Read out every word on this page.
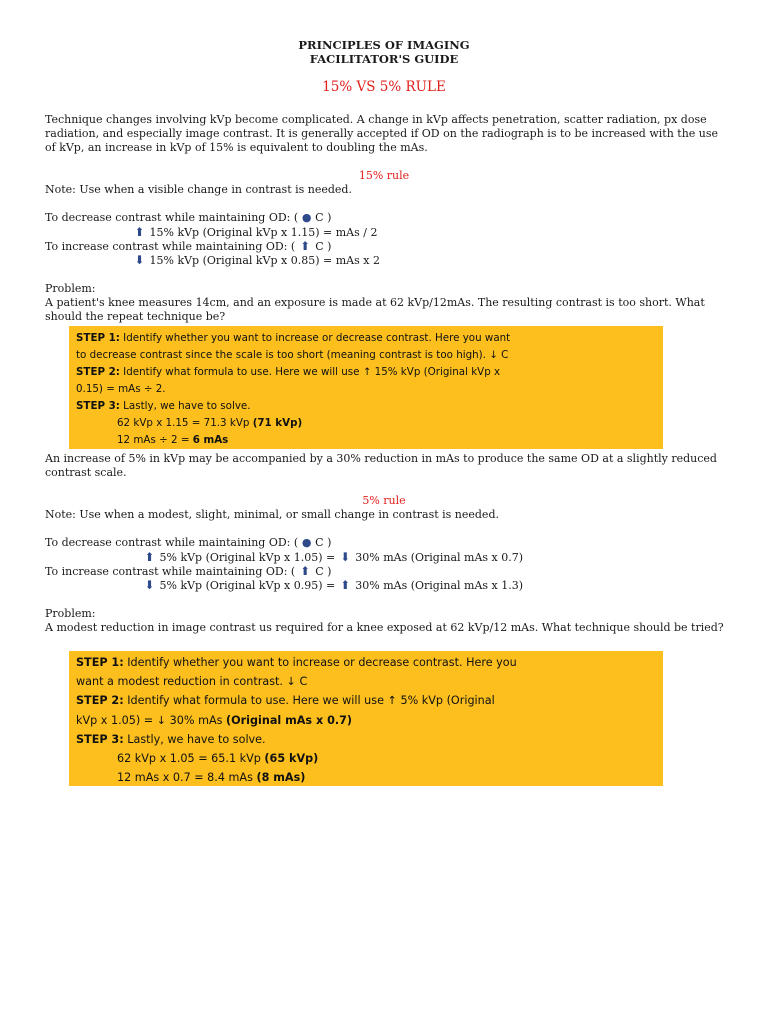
PRINCIPLES OF IMAGING
FACILITATOR'S GUIDE
15% VS 5% RULE
Technique changes involving kVp become complicated. A change in kVp affects penetration, scatter radiation, px dose radiation, and especially image contrast. It is generally accepted if OD on the radiograph is to be increased with the use of kVp, an increase in kVp of 15% is equivalent to doubling the mAs.
15% rule
Note: Use when a visible change in contrast is needed.
To decrease contrast while maintaining OD: ( ● C )
⬆ 15% kVp (Original kVp x 1.15) = mAs / 2
To increase contrast while maintaining OD: ( ⬆ C )
⬇ 15% kVp (Original kVp x 0.85) = mAs x 2
Problem:
A patient's knee measures 14cm, and an exposure is made at 62 kVp/12mAs. The resulting contrast is too short. What should the repeat technique be?
STEP 1: Identify whether you want to increase or decrease contrast. Here you want
to decrease contrast since the scale is too short (meaning contrast is too high). ↓ C
STEP 2: Identify what formula to use. Here we will use ↑ 15% kVp (Original kVp x
0.15) = mAs ÷ 2.
STEP 3: Lastly, we have to solve.
62 kVp x 1.15 = 71.3 kVp (71 kVp)
12 mAs ÷ 2 = 6 mAs
An increase of 5% in kVp may be accompanied by a 30% reduction in mAs to produce the same OD at a slightly reduced contrast scale.
5% rule
Note: Use when a modest, slight, minimal, or small change in contrast is needed.
To decrease contrast while maintaining OD: ( ● C )
⬆ 5% kVp (Original kVp x 1.05) = ⬇ 30% mAs (Original mAs x 0.7)
To increase contrast while maintaining OD: ( ⬆ C )
⬇ 5% kVp (Original kVp x 0.95) = ⬆ 30% mAs (Original mAs x 1.3)
Problem:
A modest reduction in image contrast us required for a knee exposed at 62 kVp/12 mAs. What technique should be tried?
STEP 1: Identify whether you want to increase or decrease contrast. Here you
want a modest reduction in contrast. ↓ C
STEP 2: Identify what formula to use. Here we will use ↑ 5% kVp (Original
kVp x 1.05) = ↓ 30% mAs (Original mAs x 0.7)
STEP 3: Lastly, we have to solve.
62 kVp x 1.05 = 65.1 kVp (65 kVp)
12 mAs x 0.7 = 8.4 mAs (8 mAs)
